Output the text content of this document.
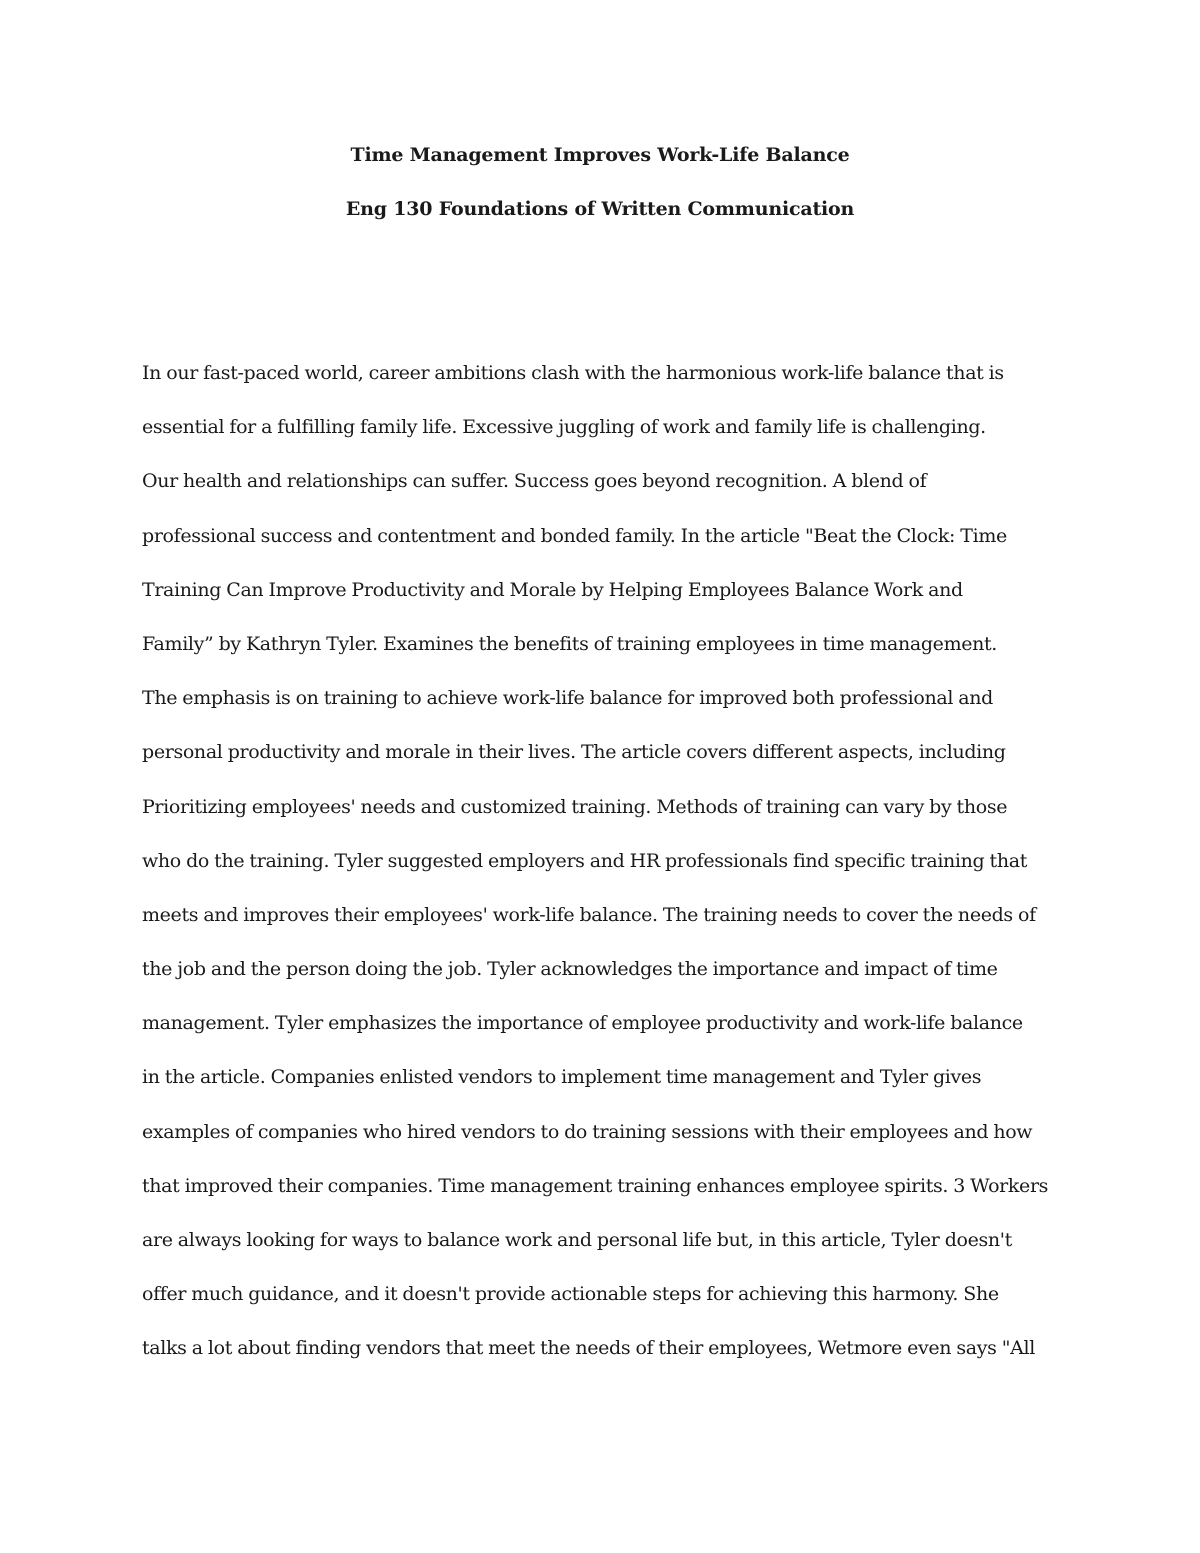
Time Management Improves Work-Life Balance
Eng 130 Foundations of Written Communication
In our fast-paced world, career ambitions clash with the harmonious work-life balance that is
essential for a fulfilling family life. Excessive juggling of work and family life is challenging.
Our health and relationships can suffer. Success goes beyond recognition. A blend of
professional success and contentment and bonded family. In the article "Beat the Clock: Time
Training Can Improve Productivity and Morale by Helping Employees Balance Work and
Family” by Kathryn Tyler. Examines the benefits of training employees in time management.
The emphasis is on training to achieve work-life balance for improved both professional and
personal productivity and morale in their lives. The article covers different aspects, including
Prioritizing employees' needs and customized training. Methods of training can vary by those
who do the training. Tyler suggested employers and HR professionals find specific training that
meets and improves their employees' work-life balance. The training needs to cover the needs of
the job and the person doing the job. Tyler acknowledges the importance and impact of time
management. Tyler emphasizes the importance of employee productivity and work-life balance
in the article. Companies enlisted vendors to implement time management and Tyler gives
examples of companies who hired vendors to do training sessions with their employees and how
that improved their companies. Time management training enhances employee spirits. 3 Workers
are always looking for ways to balance work and personal life but, in this article, Tyler doesn't
offer much guidance, and it doesn't provide actionable steps for achieving this harmony. She
talks a lot about finding vendors that meet the needs of their employees, Wetmore even says "All
